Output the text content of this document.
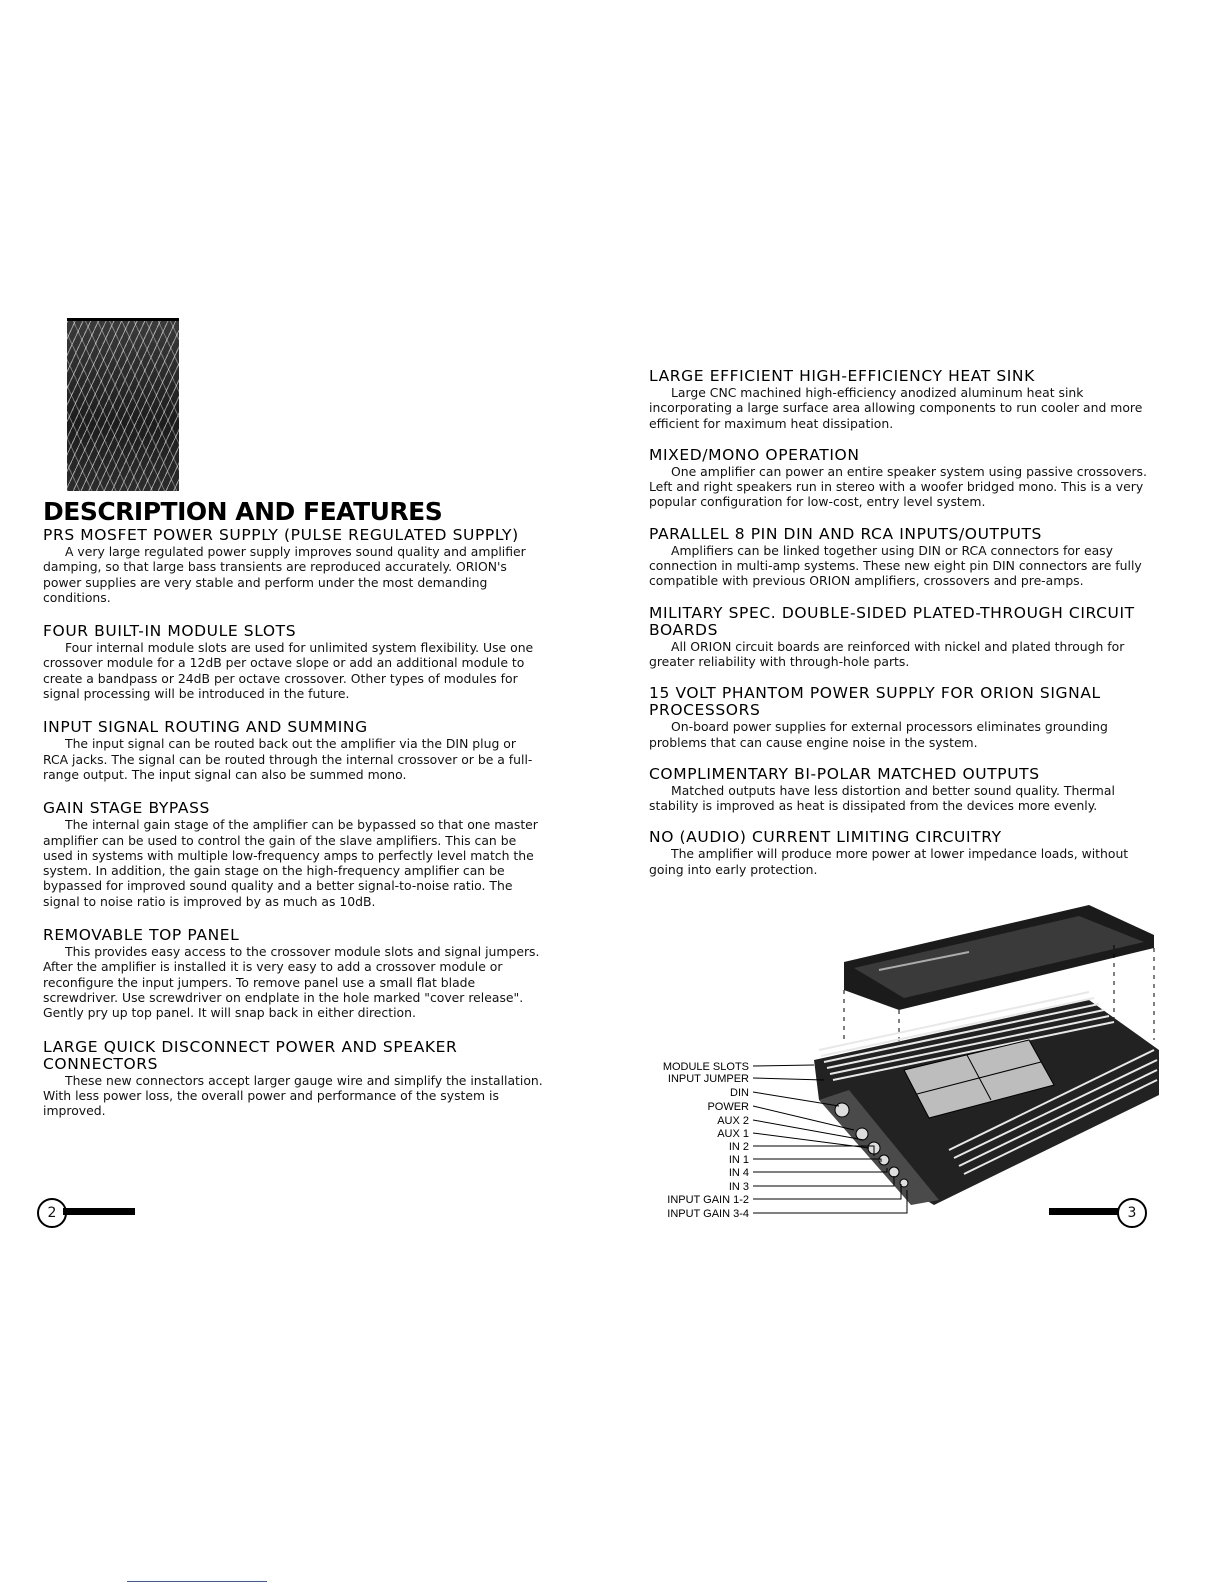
DESCRIPTION AND FEATURES
PRS MOSFET POWER SUPPLY (PULSE REGULATED SUPPLY)

A very large regulated power supply improves sound quality and amplifier damping, so that large bass transients are reproduced accurately. ORION's power supplies are very stable and perform under the most demanding conditions.

FOUR BUILT-IN MODULE SLOTS

Four internal module slots are used for unlimited system flexibility. Use one crossover module for a 12dB per octave slope or add an additional module to create a bandpass or 24dB per octave crossover. Other types of modules for signal processing will be introduced in the future.

INPUT SIGNAL ROUTING AND SUMMING

The input signal can be routed back out the amplifier via the DIN plug or RCA jacks. The signal can be routed through the internal crossover or be a full-range output. The input signal can also be summed mono.

GAIN STAGE BYPASS

The internal gain stage of the amplifier can be bypassed so that one master amplifier can be used to control the gain of the slave amplifiers. This can be used in systems with multiple low-frequency amps to perfectly level match the system. In addition, the gain stage on the high-frequency amplifier can be bypassed for improved sound quality and a better signal-to-noise ratio. The signal to noise ratio is improved by as much as 10dB.

REMOVABLE TOP PANEL

This provides easy access to the crossover module slots and signal jumpers. After the amplifier is installed it is very easy to add a crossover module or reconfigure the input jumpers. To remove panel use a small flat blade screwdriver. Use screwdriver on endplate in the hole marked "cover release". Gently pry up top panel. It will snap back in either direction.

LARGE QUICK DISCONNECT POWER AND SPEAKER CONNECTORS

These new connectors accept larger gauge wire and simplify the installation. With less power loss, the overall power and performance of the system is improved.

2
LARGE EFFICIENT HIGH-EFFICIENCY HEAT SINK

Large CNC machined high-efficiency anodized aluminum heat sink incorporating a large surface area allowing components to run cooler and more efficient for maximum heat dissipation.

MIXED/MONO OPERATION

One amplifier can power an entire speaker system using passive crossovers. Left and right speakers run in stereo with a woofer bridged mono. This is a very popular configuration for low-cost, entry level system.

PARALLEL 8 PIN DIN AND RCA INPUTS/OUTPUTS

Amplifiers can be linked together using DIN or RCA connectors for easy connection in multi-amp systems. These new eight pin DIN connectors are fully compatible with previous ORION amplifiers, crossovers and pre-amps.

MILITARY SPEC. DOUBLE-SIDED PLATED-THROUGH CIRCUIT BOARDS

All ORION circuit boards are reinforced with nickel and plated through for greater reliability with through-hole parts.

15 VOLT PHANTOM POWER SUPPLY FOR ORION SIGNAL PROCESSORS

On-board power supplies for external processors eliminates grounding problems that can cause engine noise in the system.

COMPLIMENTARY BI-POLAR MATCHED OUTPUTS

Matched outputs have less distortion and better sound quality. Thermal stability is improved as heat is dissipated from the devices more evenly.

NO (AUDIO) CURRENT LIMITING CIRCUITRY

The amplifier will produce more power at lower impedance loads, without going into early protection.

MODULE SLOTS
INPUT JUMPER
DIN
POWER
AUX 2
AUX 1
IN 2
IN 1
IN 4
IN 3
INPUT GAIN 1-2
INPUT GAIN 3-4	3
